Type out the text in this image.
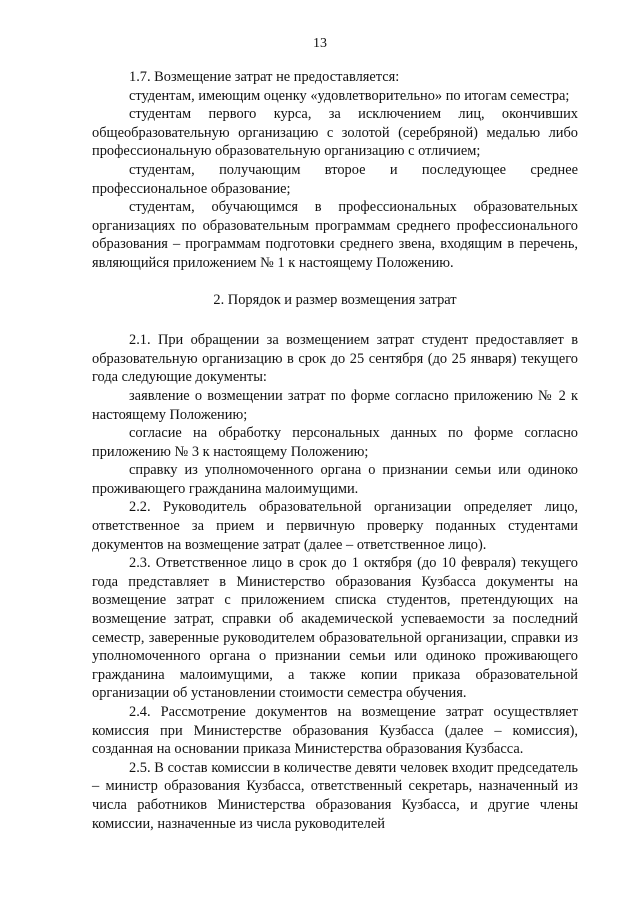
13

1.7. Возмещение затрат не предоставляется:

студентам, имеющим оценку «удовлетворительно» по итогам семестра;

студентам первого курса, за исключением лиц, окончивших общеобразовательную организацию с золотой (серебряной) медалью либо профессиональную образовательную организацию с отличием;

студентам, получающим второе и последующее среднее профессиональное образование;

студентам, обучающимся в профессиональных образовательных организациях по образовательным программам среднего профессионального образования – программам подготовки среднего звена, входящим в перечень, являющийся приложением № 1 к настоящему Положению.

2. Порядок и размер возмещения затрат

2.1. При обращении за возмещением затрат студент предоставляет в образовательную организацию в срок до 25 сентября (до 25 января) текущего года следующие документы:

заявление о возмещении затрат по форме согласно приложению № 2 к настоящему Положению;

согласие на обработку персональных данных по форме согласно приложению № 3 к настоящему Положению;

справку из уполномоченного органа о признании семьи или одиноко проживающего гражданина малоимущими.

2.2. Руководитель образовательной организации определяет лицо, ответственное за прием и первичную проверку поданных студентами документов на возмещение затрат (далее – ответственное лицо).

2.3. Ответственное лицо в срок до 1 октября (до 10 февраля) текущего года представляет в Министерство образования Кузбасса документы на возмещение затрат с приложением списка студентов, претендующих на возмещение затрат, справки об академической успеваемости за последний семестр, заверенные руководителем образовательной организации, справки из уполномоченного органа о признании семьи или одиноко проживающего гражданина малоимущими, а также копии приказа образовательной организации об установлении стоимости семестра обучения.

2.4. Рассмотрение документов на возмещение затрат осуществляет комиссия при Министерстве образования Кузбасса (далее – комиссия), созданная на основании приказа Министерства образования Кузбасса.

2.5. В состав комиссии в количестве девяти человек входит председатель – министр образования Кузбасса, ответственный секретарь, назначенный из числа работников Министерства образования Кузбасса, и другие члены комиссии, назначенные из числа руководителей
